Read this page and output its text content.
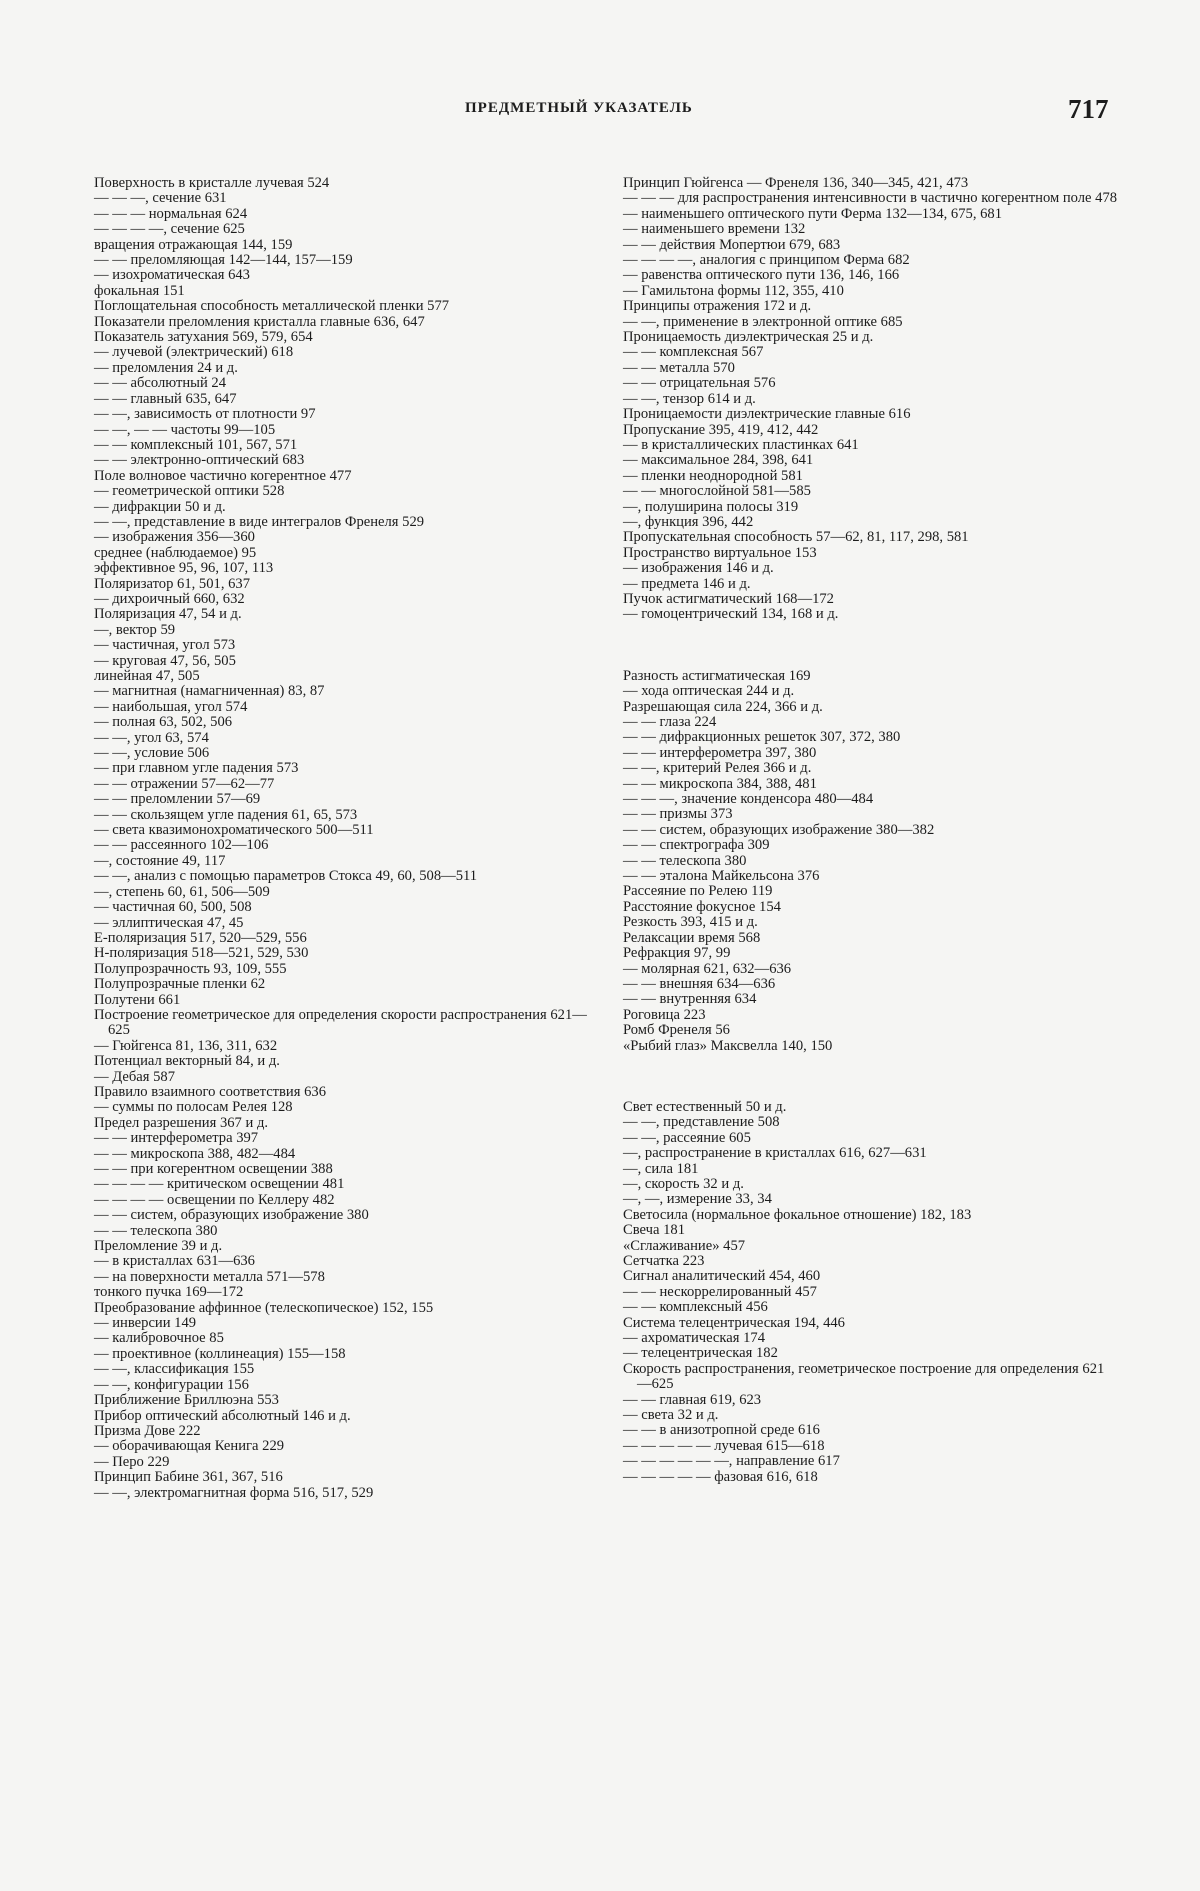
ПРЕДМЕТНЫЙ УКАЗАТЕЛЬ	717
Поверхность в кристалле лучевая 524
— — —, сечение 631
— — — нормальная 624
— — — —, сечение 625
вращения отражающая 144, 159
— — преломляющая 142—144, 157—159
— изохроматическая 643
фокальная 151
Поглощательная способность металлической пленки 577
Показатели преломления кристалла главные 636, 647
Показатель затухания 569, 579, 654
— лучевой (электрический) 618
— преломления 24 и д.
— — абсолютный 24
— — главный 635, 647
— —, зависимость от плотности 97
— —, — — частоты 99—105
— — комплексный 101, 567, 571
— — электронно-оптический 683
Поле волновое частично когерентное 477
— геометрической оптики 528
— дифракции 50 и д.
— —, представление в виде интегралов Френеля 529
— изображения 356—360
среднее (наблюдаемое) 95
эффективное 95, 96, 107, 113
Поляризатор 61, 501, 637
— дихроичный 660, 632
Поляризация 47, 54 и д.
—, вектор 59
— частичная, угол 573
— круговая 47, 56, 505
линейная 47, 505
— магнитная (намагниченная) 83, 87
— наибольшая, угол 574
— полная 63, 502, 506
— —, угол 63, 574
— —, условие 506
— при главном угле падения 573
— — отражении 57—62—77
— — преломлении 57—69
— — скользящем угле падения 61, 65, 573
— света квазимонохроматического 500—511
— — рассеянного 102—106
—, состояние 49, 117
— —, анализ с помощью параметров Стокса 49, 60, 508—511
—, степень 60, 61, 506—509
— частичная 60, 500, 508
— эллиптическая 47, 45
E-поляризация 517, 520—529, 556
H-поляризация 518—521, 529, 530
Полупрозрачность 93, 109, 555
Полупрозрачные пленки 62
Полутени 661
Построение геометрическое для определения скорости распространения 621—625
— Гюйгенса 81, 136, 311, 632
Потенциал векторный 84, и д.
— Дебая 587
Правило взаимного соответствия 636
— суммы по полосам Релея 128
Предел разрешения 367 и д.
— — интерферометра 397
— — микроскопа 388, 482—484
— — при когерентном освещении 388
— — — — критическом освещении 481
— — — — освещении по Келлеру 482
— — систем, образующих изображение 380
— — телескопа 380
Преломление 39 и д.
— в кристаллах 631—636
— на поверхности металла 571—578
тонкого пучка 169—172
Преобразование аффинное (телескопическое) 152, 155
— инверсии 149
— калибровочное 85
— проективное (коллинеация) 155—158
— —, классификация 155
— —, конфигурации 156
Приближение Бриллюэна 553
Прибор оптический абсолютный 146 и д.
Призма Дове 222
— оборачивающая Кенига 229
— Перо 229
Принцип Бабине 361, 367, 516
— —, электромагнитная форма 516, 517, 529
Принцип Гюйгенса — Френеля 136, 340—345, 421, 473
— — — для распространения интенсивности в частично когерентном поле 478
— наименьшего оптического пути Ферма 132—134, 675, 681
— наименьшего времени 132
— — действия Мопертюи 679, 683
— — — —, аналогия с принципом Ферма 682
— равенства оптического пути 136, 146, 166
— Гамильтона формы 112, 355, 410
Принципы отражения 172 и д.
— —, применение в электронной оптике 685
Проницаемость диэлектрическая 25 и д.
— — комплексная 567
— — металла 570
— — отрицательная 576
— —, тензор 614 и д.
Проницаемости диэлектрические главные 616
Пропускание 395, 419, 412, 442
— в кристаллических пластинках 641
— максимальное 284, 398, 641
— пленки неоднородной 581
— — многослойной 581—585
—, полуширина полосы 319
—, функция 396, 442
Пропускательная способность 57—62, 81, 117, 298, 581
Пространство виртуальное 153
— изображения 146 и д.
— предмета 146 и д.
Пучок астигматический 168—172
— гомоцентрический 134, 168 и д.
Разность астигматическая 169
— хода оптическая 244 и д.
Разрешающая сила 224, 366 и д.
— — глаза 224
— — дифракционных решеток 307, 372, 380
— — интерферометра 397, 380
— —, критерий Релея 366 и д.
— — микроскопа 384, 388, 481
— — —, значение конденсора 480—484
— — призмы 373
— — систем, образующих изображение 380—382
— — спектрографа 309
— — телескопа 380
— — эталона Майкельсона 376
Рассеяние по Релею 119
Расстояние фокусное 154
Резкость 393, 415 и д.
Релаксации время 568
Рефракция 97, 99
— молярная 621, 632—636
— — внешняя 634—636
— — внутренняя 634
Роговица 223
Ромб Френеля 56
«Рыбий глаз» Максвелла 140, 150
Свет естественный 50 и д.
— —, представление 508
— —, рассеяние 605
—, распространение в кристаллах 616, 627—631
—, сила 181
—, скорость 32 и д.
—, —, измерение 33, 34
Светосила (нормальное фокальное отношение) 182, 183
Свеча 181
«Сглаживание» 457
Сетчатка 223
Сигнал аналитический 454, 460
— — нескоррелированный 457
— — комплексный 456
Система телецентрическая 194, 446
— ахроматическая 174
— телецентрическая 182
Скорость распространения, геометрическое построение для определения 621—625
— — главная 619, 623
— света 32 и д.
— — в анизотропной среде 616
— — — — — лучевая 615—618
— — — — — —, направление 617
— — — — — фазовая 616, 618
